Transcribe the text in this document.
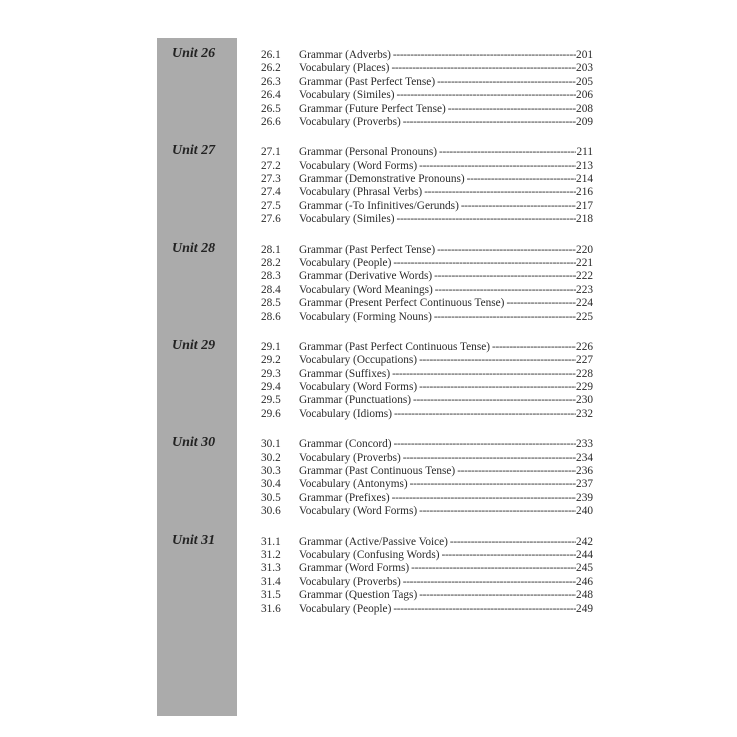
Unit 26	26.1	Grammar (Adverbs) -----	201
26.2	Vocabulary (Places) -----	203
26.3	Grammar (Past Perfect Tense) -----	205
26.4	Vocabulary (Similes) -----	206
26.5	Grammar (Future Perfect Tense) -----	208
26.6	Vocabulary (Proverbs) -----	209
Unit 27	27.1	Grammar (Personal Pronouns) -----	211
27.2	Vocabulary (Word Forms) -----	213
27.3	Grammar (Demonstrative Pronouns) -----	214
27.4	Vocabulary (Phrasal Verbs) -----	216
27.5	Grammar (-To Infinitives/Gerunds) -----	217
27.6	Vocabulary (Similes) -----	218
Unit 28	28.1	Grammar (Past Perfect Tense) -----	220
28.2	Vocabulary (People) -----	221
28.3	Grammar (Derivative Words) -----	222
28.4	Vocabulary (Word Meanings) -----	223
28.5	Grammar (Present Perfect Continuous Tense) -----	224
28.6	Vocabulary (Forming Nouns) -----	225
Unit 29	29.1	Grammar (Past Perfect Continuous Tense) -----	226
29.2	Vocabulary (Occupations) -----	227
29.3	Grammar (Suffixes) -----	228
29.4	Vocabulary (Word Forms) -----	229
29.5	Grammar (Punctuations) -----	230
29.6	Vocabulary (Idioms) -----	232
Unit 30	30.1	Grammar (Concord) -----	233
30.2	Vocabulary (Proverbs) -----	234
30.3	Grammar (Past Continuous Tense) -----	236
30.4	Vocabulary (Antonyms) -----	237
30.5	Grammar (Prefixes) -----	239
30.6	Vocabulary (Word Forms) -----	240
Unit 31	31.1	Grammar (Active/Passive Voice) -----	242
31.2	Vocabulary (Confusing Words) -----	244
31.3	Grammar (Word Forms) -----	245
31.4	Vocabulary (Proverbs) -----	246
31.5	Grammar (Question Tags) -----	248
31.6	Vocabulary (People) -----	249
